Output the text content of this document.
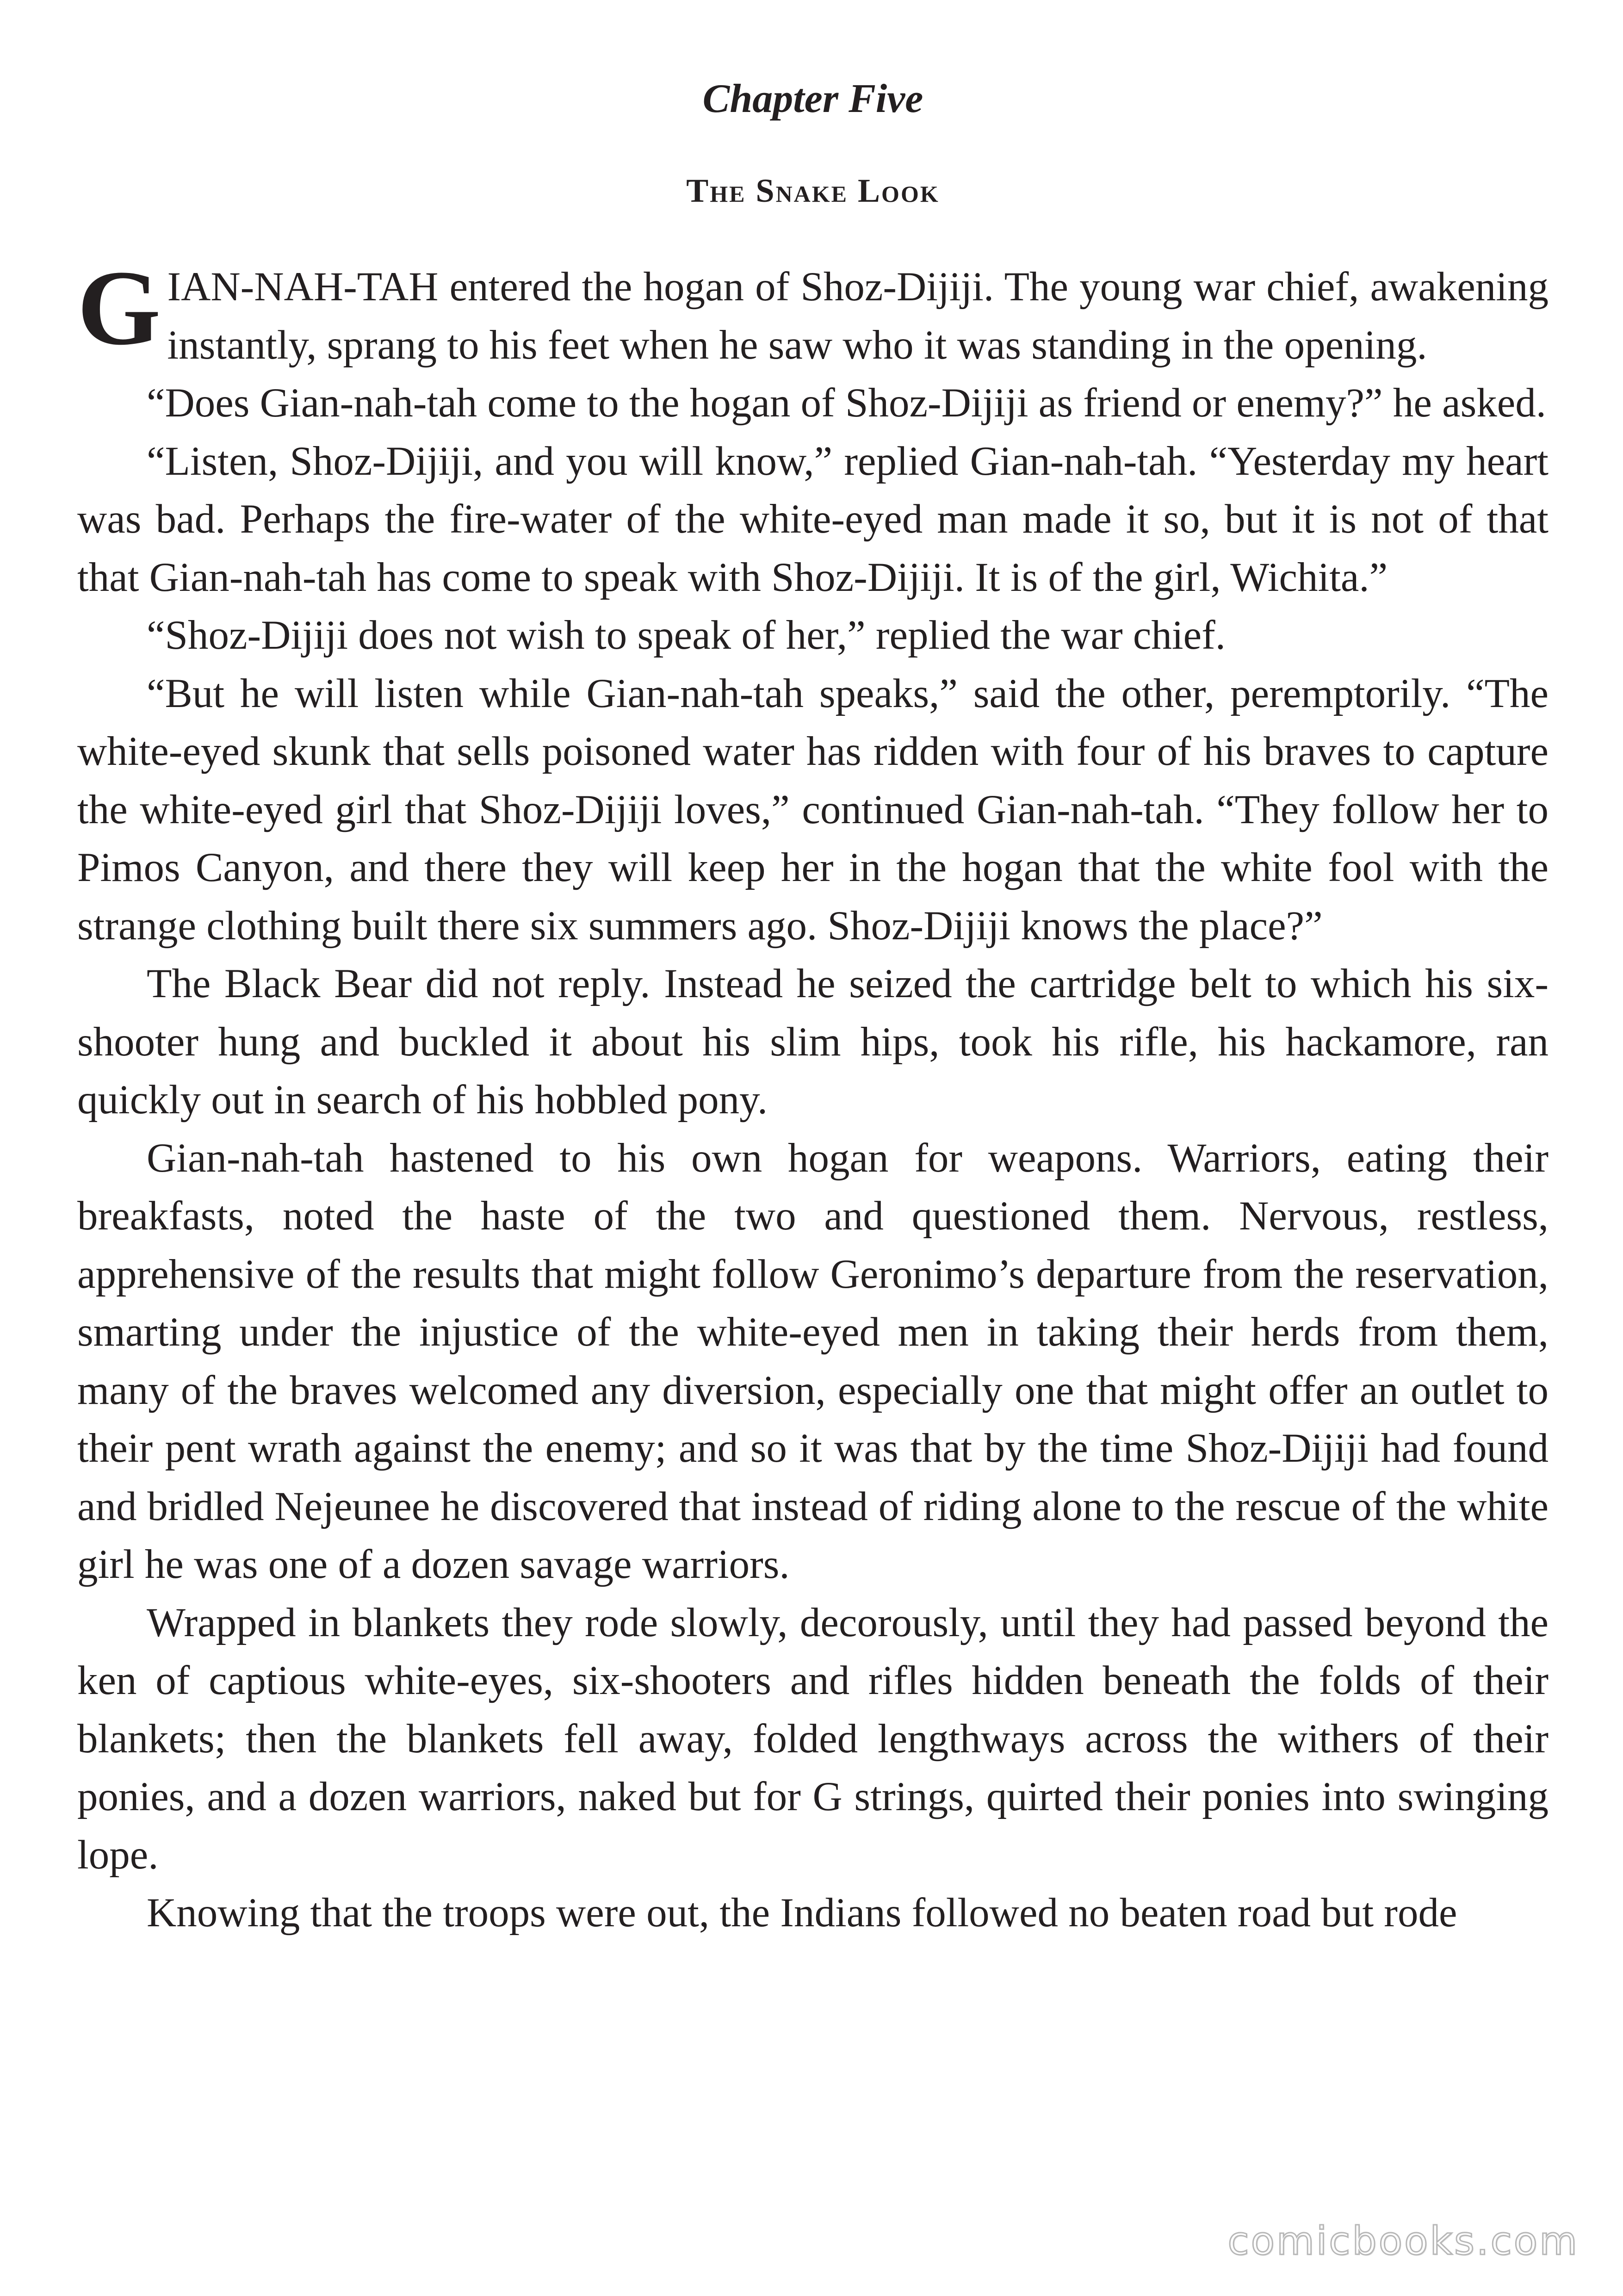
Chapter Five
The Snake Look

GIAN-NAH-TAH entered the hogan of Shoz-Dijiji. The young war chief, awakening instantly, sprang to his feet when he saw who it was standing in the opening.

“Does Gian-nah-tah come to the hogan of Shoz-Dijiji as friend or enemy?” he asked.

“Listen, Shoz-Dijiji, and you will know,” replied Gian-nah-tah. “Yesterday my heart was bad. Perhaps the fire-water of the white-eyed man made it so, but it is not of that that Gian-nah-tah has come to speak with Shoz-Dijiji. It is of the girl, Wichita.”

“Shoz-Dijiji does not wish to speak of her,” replied the war chief.

“But he will listen while Gian-nah-tah speaks,” said the other, peremptorily. “The white-eyed skunk that sells poisoned water has ridden with four of his braves to capture the white-eyed girl that Shoz-Dijiji loves,” continued Gian-nah-tah. “They follow her to Pimos Canyon, and there they will keep her in the hogan that the white fool with the strange clothing built there six summers ago. Shoz-Dijiji knows the place?”

The Black Bear did not reply. Instead he seized the cartridge belt to which his six-shooter hung and buckled it about his slim hips, took his rifle, his hackamore, ran quickly out in search of his hobbled pony.

Gian-nah-tah hastened to his own hogan for weapons. Warriors, eating their breakfasts, noted the haste of the two and questioned them. Nervous, restless, apprehensive of the results that might follow Geronimo’s departure from the reservation, smarting under the injustice of the white-eyed men in taking their herds from them, many of the braves welcomed any diversion, especially one that might offer an outlet to their pent wrath against the enemy; and so it was that by the time Shoz-Dijiji had found and bridled Nejeunee he discovered that instead of riding alone to the rescue of the white girl he was one of a dozen savage warriors.

Wrapped in blankets they rode slowly, decorously, until they had passed beyond the ken of captious white-eyes, six-shooters and rifles hidden beneath the folds of their blankets; then the blankets fell away, folded lengthways across the withers of their ponies, and a dozen warriors, naked but for G strings, quirted their ponies into swinging lope.

Knowing that the troops were out, the Indians followed no beaten road but rode

comicbooks.com
